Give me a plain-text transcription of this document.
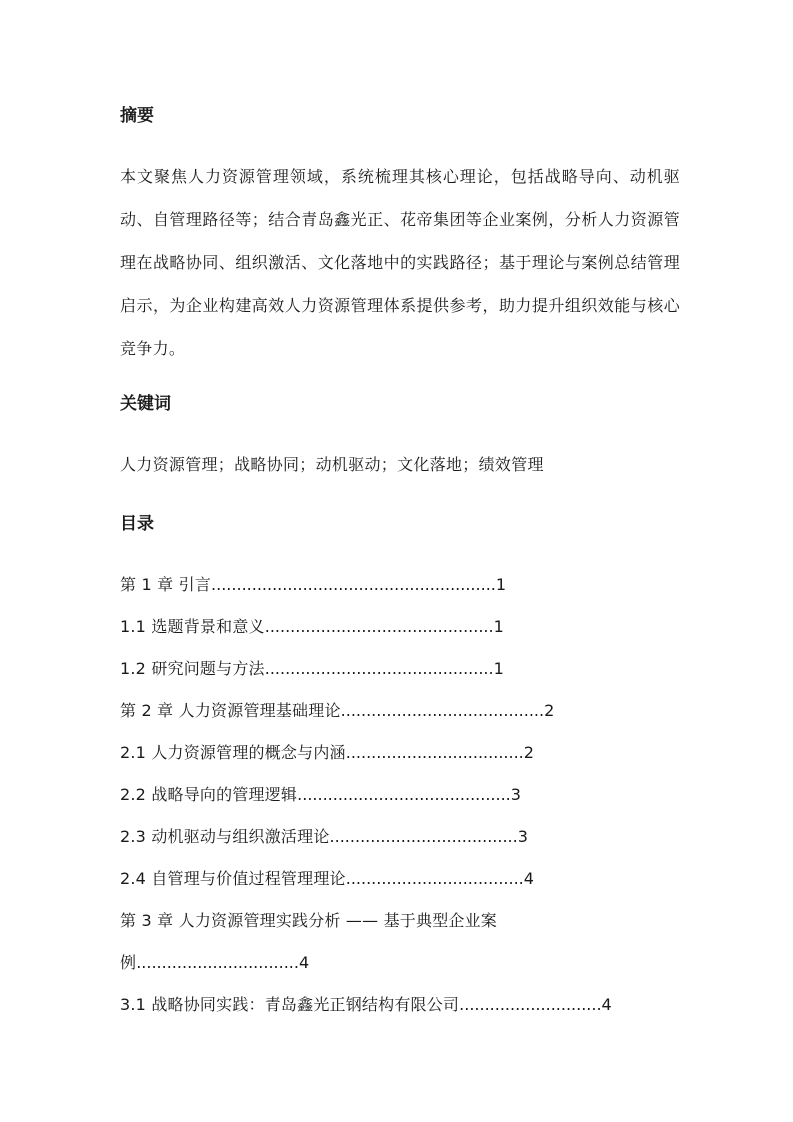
摘要

本文聚焦人力资源管理领域，系统梳理其核心理论，包括战略导向、动机驱动、自管理路径等；结合青岛鑫光正、花帝集团等企业案例，分析人力资源管理在战略协同、组织激活、文化落地中的实践路径；基于理论与案例总结管理启示，为企业构建高效人力资源管理体系提供参考，助力提升组织效能与核心竞争力。

关键词

人力资源管理；战略协同；动机驱动；文化落地；绩效管理

目录
第 1 章 引言........................................................1
1.1 选题背景和意义.............................................1
1.2 研究问题与方法.............................................1
第 2 章 人力资源管理基础理论........................................2
2.1 人力资源管理的概念与内涵...................................2
2.2 战略导向的管理逻辑..........................................3
2.3 动机驱动与组织激活理论.....................................3
2.4 自管理与价值过程管理理论...................................4
第 3 章 人力资源管理实践分析 —— 基于典型企业案
例................................4
3.1 战略协同实践：青岛鑫光正钢结构有限公司............................4
